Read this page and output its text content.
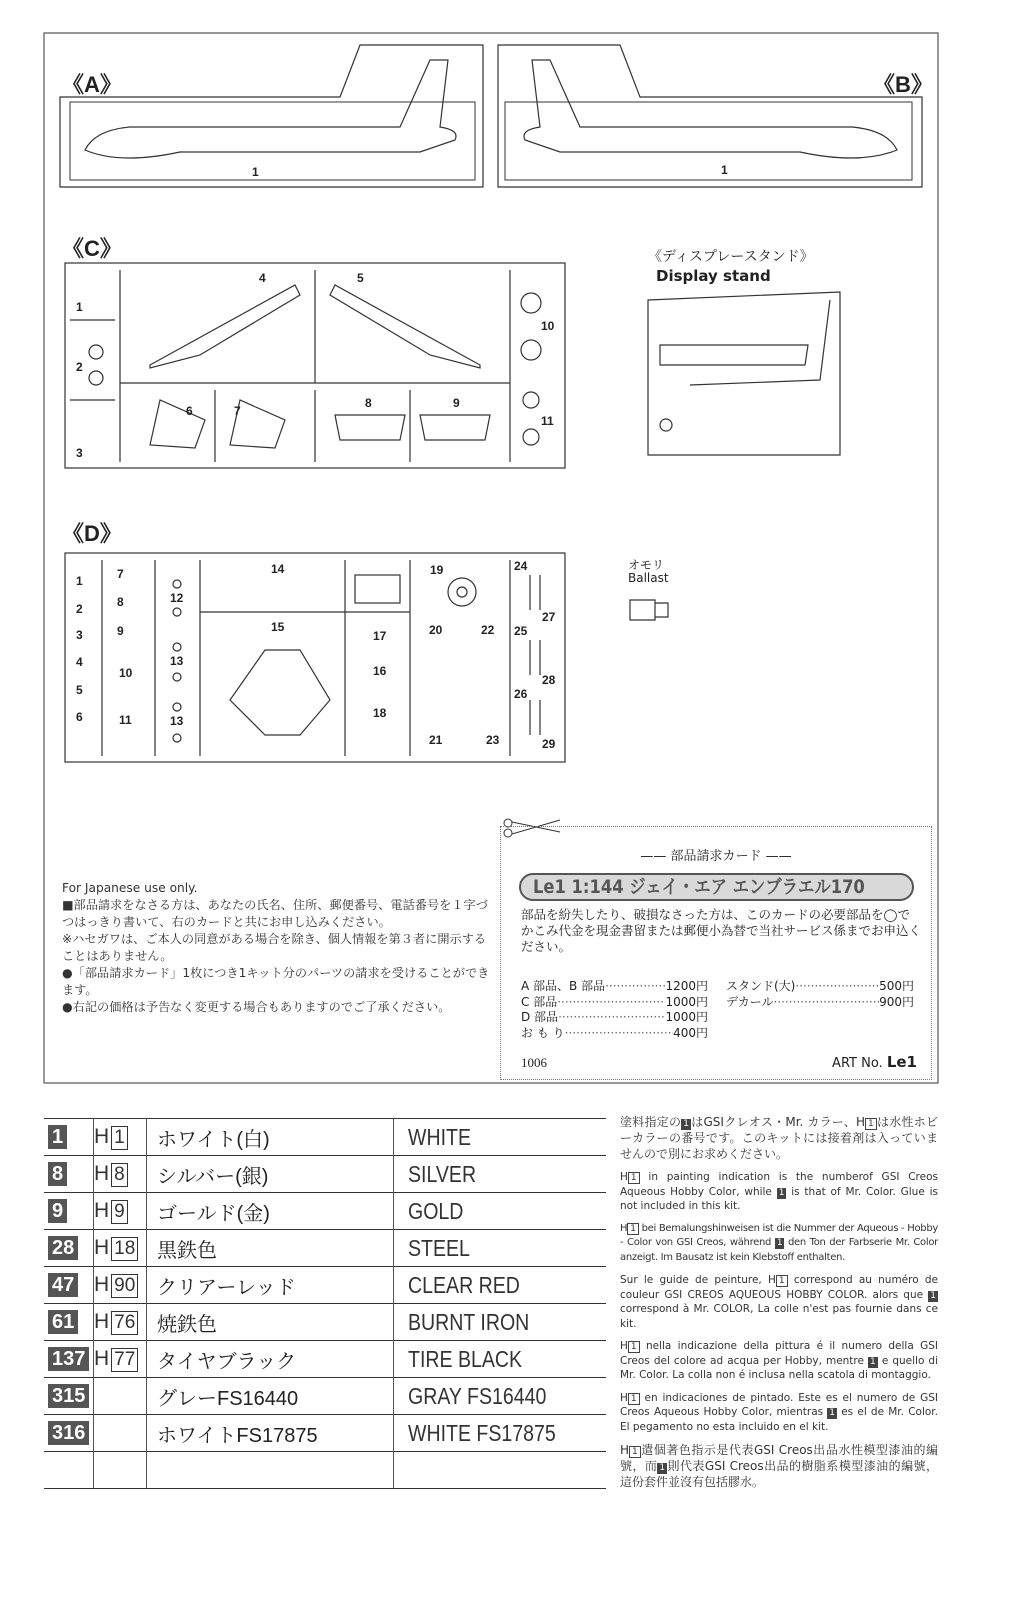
《A》	《B》
《C》
《D》
1	1
1
2
3
4	5
6	7
8	9
10
11
1
2
3
4
5
6
7
8
9
10
11
12
13
13
14
15
16
17
18
19
20	22
21	23
24
25
26
27
28
29
《ディスプレースタンド》
Display stand
オモリ
Ballast
For Japanese use only.
■部品請求をなさる方は、あなたの氏名、住所、郵便番号、電話番号を１字づつはっきり書いて、右のカードと共にお申し込みください。
※ハセガワは、ご本人の同意がある場合を除き、個人情報を第３者に開示することはありません。
●「部品請求カード」1枚につき1キット分のパーツの請求を受けることができます。
●右記の価格は予告なく変更する場合もありますのでご了承ください。
—— 部品請求カード ——
Le1 1:144 ジェイ・エア エンブラエル170
部品を紛失したり、破損なさった方は、このカードの必要部品を◯でかこみ代金を現金書留または郵便小為替で当社サービス係までお申込ください。
A 部品、B 部品 ·····	1200円
C 部品 ·····	1000円
D 部品 ·····	1000円
お も り ·····	400円
スタンド(大) ·····	500円
デカール ·····	900円
1006	ART No. Le1
1	H 1	ホワイト(白)	WHITE
8	H 8	シルバー(銀)	SILVER
9	H 9	ゴールド(金)	GOLD
28	H 18	黒鉄色	STEEL
47	H 90	クリアーレッド	CLEAR RED
61	H 76	焼鉄色	BURNT IRON
137	H 77	タイヤブラック	TIRE BLACK
315		グレーFS16440	GRAY FS16440
316		ホワイトFS17875	WHITE FS17875

塗料指定の 1 はGSIクレオス・Mr. カラー、H 1 は水性ホビーカラーの番号です。このキットには接着剤は入っていませんので別にお求めください。

H 1 in painting indication is the numberof GSI Creos Aqueous Hobby Color, while 1 is that of Mr. Color. Glue is not included in this kit.

H 1 bei Bemalungshinweisen ist die Nummer der Aqueous - Hobby - Color von GSI Creos, während 1 den Ton der Farbserie Mr. Color anzeigt. Im Bausatz ist kein Klebstoff enthalten.

Sur le guide de peinture, H 1 correspond au numéro de couleur GSI CREOS AQUEOUS HOBBY COLOR. alors que 1 correspond à Mr. COLOR, La colle n'est pas fournie dans ce kit.

H 1 nella indicazione della pittura é il numero della GSI Creos del colore ad acqua per Hobby, mentre 1 e quello di Mr. Color. La colla non é inclusa nella scatola di montaggio.

H 1 en indicaciones de pintado. Este es el numero de GSI Creos Aqueous Hobby Color, mientras 1 es el de Mr. Color. El pegamento no esta incluido en el kit.

H 1 遣個著色指示是代表GSI Creos出品水性模型漆油的編號，而 1 則代表GSI Creos出品的樹脂系模型漆油的編號，這份套件並沒有包括膠水。
